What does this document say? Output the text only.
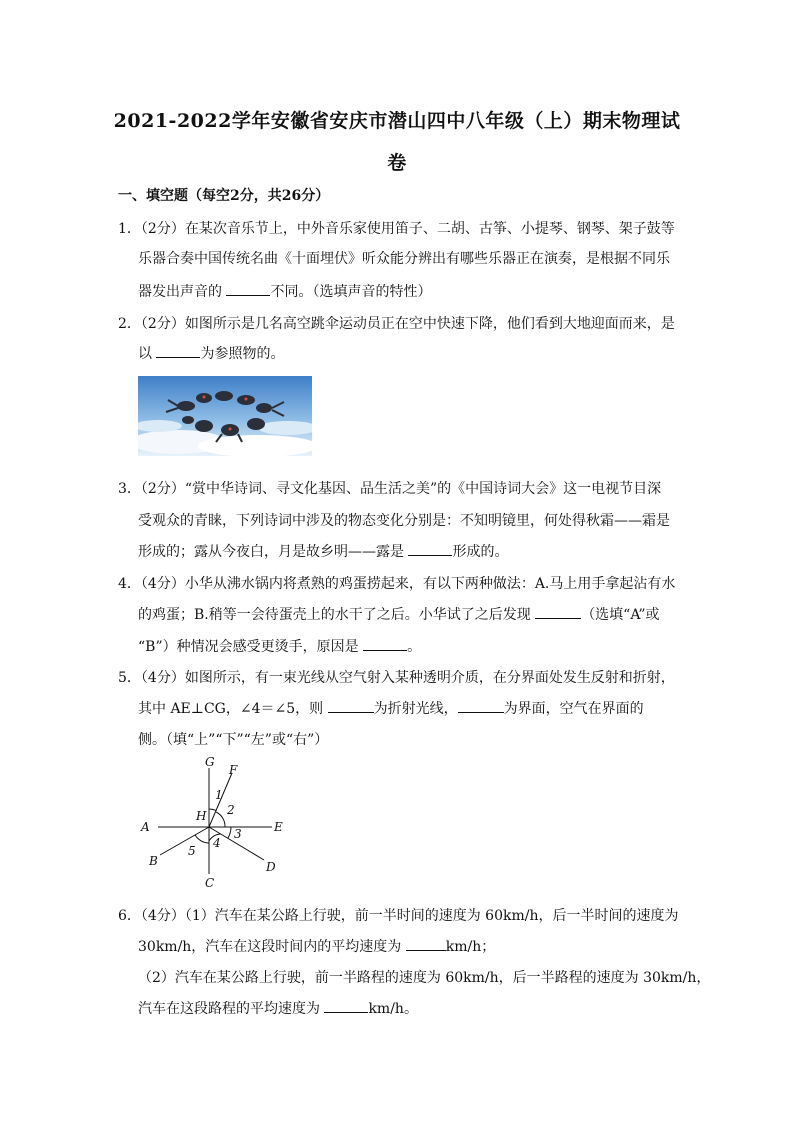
2021-2022学年安徽省安庆市潜山四中八年级（上）期末物理试
卷
一、填空题（每空2分，共26分）
1．（2分）在某次音乐节上，中外音乐家使用笛子、二胡、古筝、小提琴、钢琴、架子鼓等
乐器合奏中国传统名曲《十面埋伏》听众能分辨出有哪些乐器正在演奏，是根据不同乐
器发出声音的	不同。（选填声音的特性）
2．（2分）如图所示是几名高空跳伞运动员正在空中快速下降，他们看到大地迎面而来，是
以	为参照物的。
3．（2分）“赏中华诗词、寻文化基因、品生活之美”的《中国诗词大会》这一电视节目深
受观众的青睐，下列诗词中涉及的物态变化分别是：不知明镜里，何处得秋霜——霜是
形成的；露从今夜白，月是故乡明——露是	形成的。
4．（4分）小华从沸水锅内将煮熟的鸡蛋捞起来，有以下两种做法：A.马上用手拿起沾有水
的鸡蛋；B.稍等一会待蛋壳上的水干了之后。小华试了之后发现	（选填“A”或
“B”）种情况会感受更烫手，原因是	。
5．（4分）如图所示，有一束光线从空气射入某种透明介质，在分界面处发生反射和折射，
其中 AE⊥CG，∠4＝∠5，则	为折射光线，	为界面，空气在界面的
侧。（填“上”“下”“左”或“右”）
G
F
A	E
H
B
C
D
1
2
3
4
5
6．（4分）（1）汽车在某公路上行驶，前一半时间的速度为 60km/h，后一半时间的速度为
30km/h，汽车在这段时间内的平均速度为	km/h；
（2）汽车在某公路上行驶，前一半路程的速度为 60km/h，后一半路程的速度为 30km/h，
汽车在这段路程的平均速度为	km/h。
